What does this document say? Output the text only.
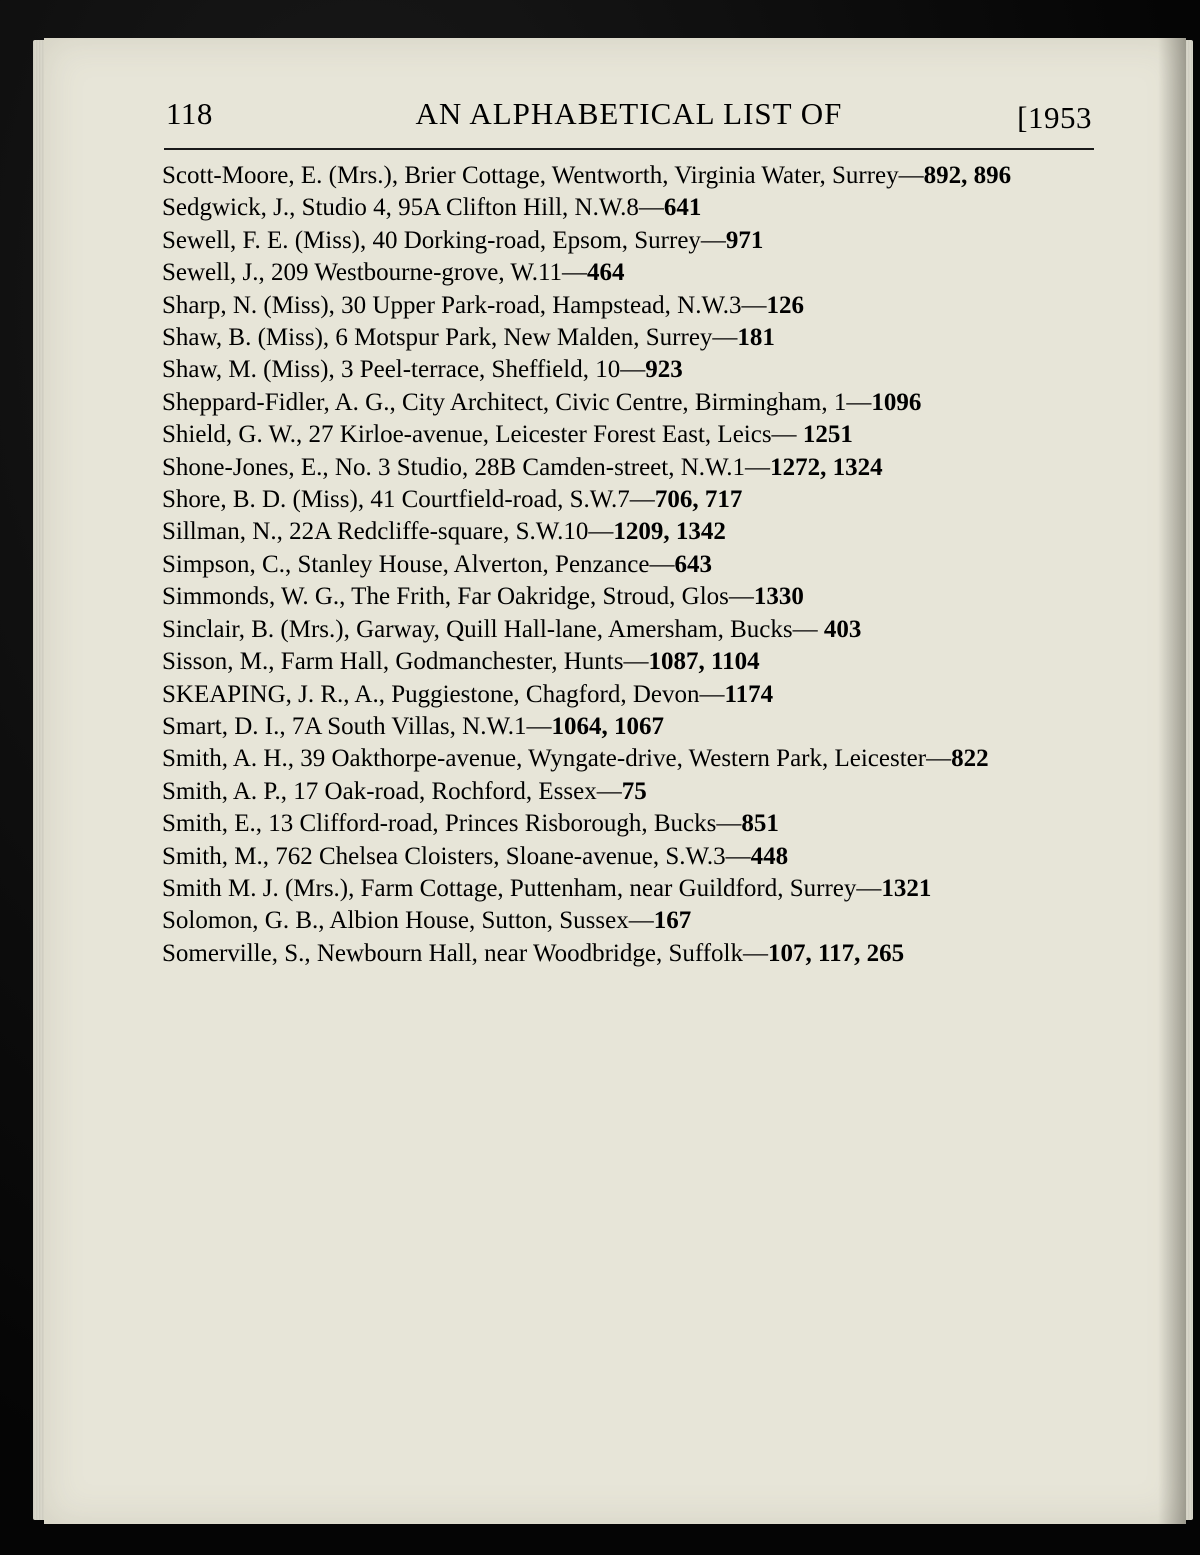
118	AN ALPHABETICAL LIST OF	[1953
Scott-Moore, E. (Mrs.), Brier Cottage, Wentworth, Virginia Water, Surrey—892, 896
Sedgwick, J., Studio 4, 95A Clifton Hill, N.W.8—641
Sewell, F. E. (Miss), 40 Dorking-road, Epsom, Surrey—971
Sewell, J., 209 Westbourne-grove, W.11—464
Sharp, N. (Miss), 30 Upper Park-road, Hampstead, N.W.3—126
Shaw, B. (Miss), 6 Motspur Park, New Malden, Surrey—181
Shaw, M. (Miss), 3 Peel-terrace, Sheffield, 10—923
Sheppard-Fidler, A. G., City Architect, Civic Centre, Birmingham, 1—1096
Shield, G. W., 27 Kirloe-avenue, Leicester Forest East, Leics— 1251
Shone-Jones, E., No. 3 Studio, 28B Camden-street, N.W.1—1272, 1324
Shore, B. D. (Miss), 41 Courtfield-road, S.W.7—706, 717
Sillman, N., 22A Redcliffe-square, S.W.10—1209, 1342
Simpson, C., Stanley House, Alverton, Penzance—643
Simmonds, W. G., The Frith, Far Oakridge, Stroud, Glos—1330
Sinclair, B. (Mrs.), Garway, Quill Hall-lane, Amersham, Bucks— 403
Sisson, M., Farm Hall, Godmanchester, Hunts—1087, 1104
SKEAPING, J. R., A., Puggiestone, Chagford, Devon—1174
Smart, D. I., 7A South Villas, N.W.1—1064, 1067
Smith, A. H., 39 Oakthorpe-avenue, Wyngate-drive, Western Park, Leicester—822
Smith, A. P., 17 Oak-road, Rochford, Essex—75
Smith, E., 13 Clifford-road, Princes Risborough, Bucks—851
Smith, M., 762 Chelsea Cloisters, Sloane-avenue, S.W.3—448
Smith M. J. (Mrs.), Farm Cottage, Puttenham, near Guildford, Surrey—1321
Solomon, G. B., Albion House, Sutton, Sussex—167
Somerville, S., Newbourn Hall, near Woodbridge, Suffolk—107, 117, 265
